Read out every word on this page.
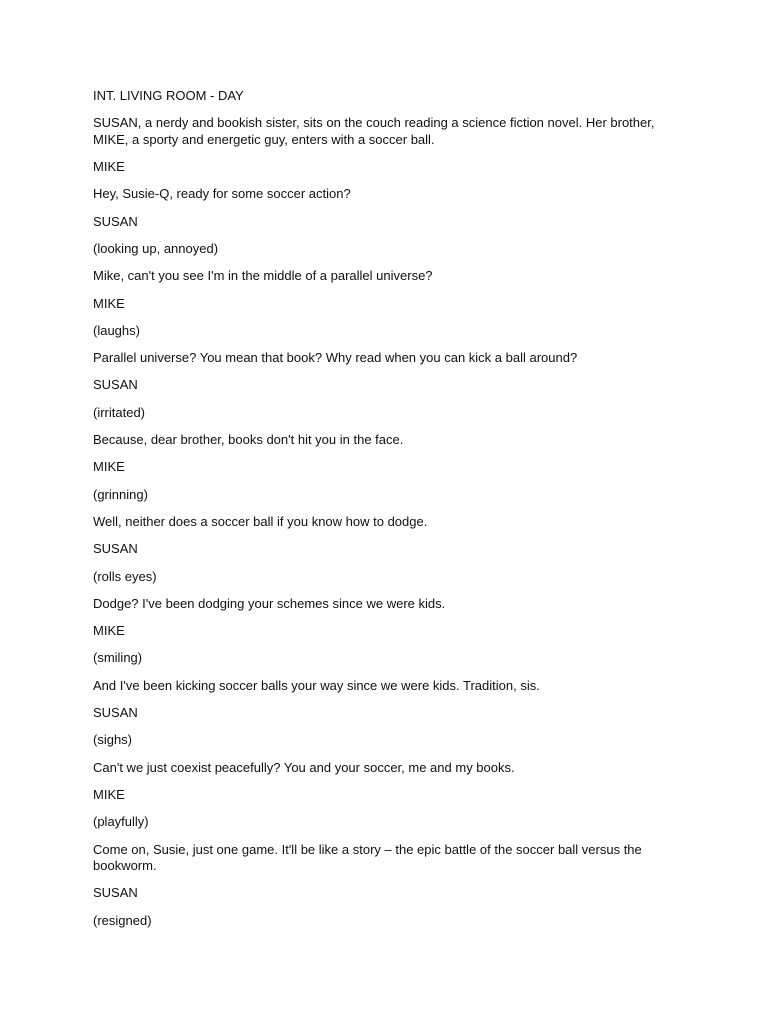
INT. LIVING ROOM - DAY

SUSAN, a nerdy and bookish sister, sits on the couch reading a science fiction novel. Her brother, MIKE, a sporty and energetic guy, enters with a soccer ball.

MIKE

Hey, Susie-Q, ready for some soccer action?

SUSAN

(looking up, annoyed)

Mike, can't you see I'm in the middle of a parallel universe?

MIKE

(laughs)

Parallel universe? You mean that book? Why read when you can kick a ball around?

SUSAN

(irritated)

Because, dear brother, books don't hit you in the face.

MIKE

(grinning)

Well, neither does a soccer ball if you know how to dodge.

SUSAN

(rolls eyes)

Dodge? I've been dodging your schemes since we were kids.

MIKE

(smiling)

And I've been kicking soccer balls your way since we were kids. Tradition, sis.

SUSAN

(sighs)

Can't we just coexist peacefully? You and your soccer, me and my books.

MIKE

(playfully)

Come on, Susie, just one game. It'll be like a story – the epic battle of the soccer ball versus the bookworm.

SUSAN

(resigned)
